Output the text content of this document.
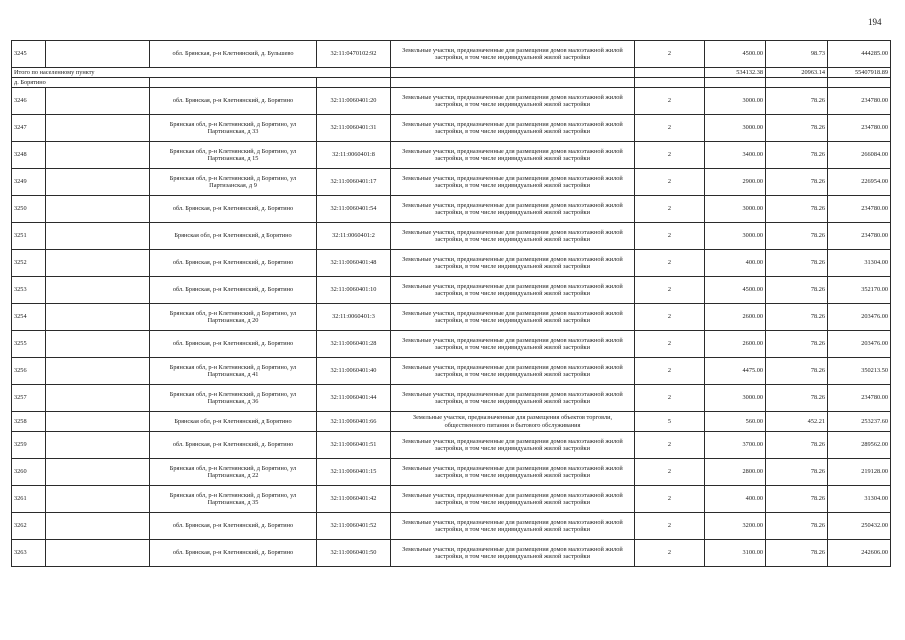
194
3245		обл. Брянская, р-н Клетнянский, д. Бульшево	32:11:0470102:92	Земельные участки, предназначенные для размещения домов малоэтажной жилой застройки, в том числе индивидуальной жилой застройки	2	4500.00	98.73	444285.00
Итого по населенному пункту						534132.38	20963.14	55407918.89
д. Борятино								
3246		обл. Брянская, р-н Клетнянский, д. Борятино	32:11:0060401:20	Земельные участки, предназначенные для размещения домов малоэтажной жилой застройки, в том числе индивидуальной жилой застройки	2	3000.00	78.26	234780.00
3247		Брянская обл, р-н Клетнянский, д Борятино, ул Партизанская, д 33	32:11:0060401:31	Земельные участки, предназначенные для размещения домов малоэтажной жилой застройки, в том числе индивидуальной жилой застройки	2	3000.00	78.26	234780.00
3248		Брянская обл, р-н Клетнянский, д Борятино, ул Партизанская, д 15	32:11:0060401:8	Земельные участки, предназначенные для размещения домов малоэтажной жилой застройки, в том числе индивидуальной жилой застройки	2	3400.00	78.26	266084.00
3249		Брянская обл, р-н Клетнянский, д Борятино, ул Партизанская, д 9	32:11:0060401:17	Земельные участки, предназначенные для размещения домов малоэтажной жилой застройки, в том числе индивидуальной жилой застройки	2	2900.00	78.26	226954.00
3250		обл. Брянская, р-н Клетнянский, д. Борятино	32:11:0060401:54	Земельные участки, предназначенные для размещения домов малоэтажной жилой застройки, в том числе индивидуальной жилой застройки	2	3000.00	78.26	234780.00
3251		Брянская обл, р-н Клетнянский, д Борятино	32:11:0060401:2	Земельные участки, предназначенные для размещения домов малоэтажной жилой застройки, в том числе индивидуальной жилой застройки	2	3000.00	78.26	234780.00
3252		обл. Брянская, р-н Клетнянский, д. Борятино	32:11:0060401:48	Земельные участки, предназначенные для размещения домов малоэтажной жилой застройки, в том числе индивидуальной жилой застройки	2	400.00	78.26	31304.00
3253		обл. Брянская, р-н Клетнянский, д. Борятино	32:11:0060401:10	Земельные участки, предназначенные для размещения домов малоэтажной жилой застройки, в том числе индивидуальной жилой застройки	2	4500.00	78.26	352170.00
3254		Брянская обл, р-н Клетнянский, д Борятино, ул Партизанская, д 20	32:11:0060401:3	Земельные участки, предназначенные для размещения домов малоэтажной жилой застройки, в том числе индивидуальной жилой застройки	2	2600.00	78.26	203476.00
3255		обл. Брянская, р-н Клетнянский, д. Борятино	32:11:0060401:28	Земельные участки, предназначенные для размещения домов малоэтажной жилой застройки, в том числе индивидуальной жилой застройки	2	2600.00	78.26	203476.00
3256		Брянская обл, р-н Клетнянский, д Борятино, ул Партизанская, д 41	32:11:0060401:40	Земельные участки, предназначенные для размещения домов малоэтажной жилой застройки, в том числе индивидуальной жилой застройки	2	4475.00	78.26	350213.50
3257		Брянская обл, р-н Клетнянский, д Борятино, ул Партизанская, д 36	32:11:0060401:44	Земельные участки, предназначенные для размещения домов малоэтажной жилой застройки, в том числе индивидуальной жилой застройки	2	3000.00	78.26	234780.00
3258		Брянская обл, р-н Клетнянский, д Борятино	32:11:0060401:66	Земельные участки, предназначенные для размещения объектов торговли, общественного питания и бытового обслуживания	5	560.00	452.21	253237.60
3259		обл. Брянская, р-н Клетнянский, д. Борятино	32:11:0060401:51	Земельные участки, предназначенные для размещения домов малоэтажной жилой застройки, в том числе индивидуальной жилой застройки	2	3700.00	78.26	289562.00
3260		Брянская обл, р-н Клетнянский, д Борятино, ул Партизанская, д 22	32:11:0060401:15	Земельные участки, предназначенные для размещения домов малоэтажной жилой застройки, в том числе индивидуальной жилой застройки	2	2800.00	78.26	219128.00
3261		Брянская обл, р-н Клетнянский, д Борятино, ул Партизанская, д 35	32:11:0060401:42	Земельные участки, предназначенные для размещения домов малоэтажной жилой застройки, в том числе индивидуальной жилой застройки	2	400.00	78.26	31304.00
3262		обл. Брянская, р-н Клетнянский, д. Борятино	32:11:0060401:52	Земельные участки, предназначенные для размещения домов малоэтажной жилой застройки, в том числе индивидуальной жилой застройки	2	3200.00	78.26	250432.00
3263		обл. Брянская, р-н Клетнянский, д. Борятино	32:11:0060401:50	Земельные участки, предназначенные для размещения домов малоэтажной жилой застройки, в том числе индивидуальной жилой застройки	2	3100.00	78.26	242606.00
